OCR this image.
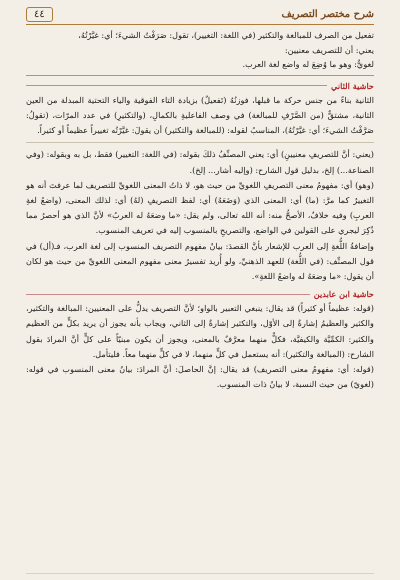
شرح مختصر التصريف
٤٤

تفعيل من الصرف للمبالغة والتكثير (في اللغة: التغيير)، تقول: صَرَفْتُ الشيءَ؛ أي: غيَّرْتُهُ،

يعني: أن للتصريف معنيين:

لغويٌّ: وهو ما وُضِعَ له واضع لغة العرب.

حاشية الثاني

الثانية بناءً من جنس حركة ما قبلها، فوزنُهُ (تَفعيلٌ) بزيادة التاء الفوقية والياء التحتية المبدلة من العين الثانية، مشتقٌّ (من الصَّرْفِ للمبالغة) في وصف الفاعليةِ بالكمالِ، (والتكثيرِ) في عدد المرّات، (تقولُ: صَرَّفْتُ الشيءَ؛ أي: غيَّرْتُهُ)، المناسبُ لقوله: (للمبالغة والتكثير) أن يقولَ: غيَّرْتُه تغييراً عظيماً أو كثيراً.

(يعني: أنَّ للتصريفِ معنيينِ) أي: يعني المصنِّفُ ذلكَ بقوله: (في اللغة: التغيير) فقط، بل به وبقوله: (وفي الصناعة...) إلخ، بدليل قول الشارح: (وإليه أشار... إلخ).

(وهو) أي: مفهومُ معنى التصريفِ اللغويِّ من حيث هو، لا ذاتُ المعنى اللغويِّ للتصريف لما عرفتَ أنه هو التغييرُ كما مرَّ: (ما) أي: المعنى الذي (وَضَعَهُ) أي: لفظ التصريفِ (لهُ) أي: لذلك المعنى، (واضعُ لغةِ العربِ) وفيه خلافٌ، الأصحُّ منه: أنه الله تعالى، ولم يقل: «ما وضعَهُ له العربُ» لأنَّ الذي هو أحصرُ مما ذُكِرَ ليجري على القولين في الواضع، والتصريحِ بالمنسوب إليه في تعريف المنسوب.

وإضافةُ اللُّغةِ إلى العرب للإشعار بأنَّ القصدَ: بيانُ مفهوم التصريف المنسوب إلى لغة العرب، فـ(أل) في قول المصنِّف: (في اللُّغة) للعهد الذهنيِّ، ولو أُريد تفسيرُ معنى مفهوم المعنى اللغويِّ من حيث هو لكان أن يقول: «ما وضعَهُ له واضعُ اللغةِ».

حاشية ابن عابدين

(قوله: عظيماً أو كثيراً) قد يقال: ينبغي التعبير بالواو؛ لأنَّ التصريف يدلُّ على المعنيين: المبالغة والتكثير، والكثير والعظيمُ إشارةٌ إلى الأوّل، والتكثير إشارةٌ إلى الثاني، ويجاب بأنه يجوز أن يريد بكلٍّ من العظيم والكثير: الكمِّيَّة والكيفيَّة، فكلٌّ منهما معرَّفٌ بالمعنى، ويجوز أن يكون مبنيّاً على كلٍّ أنَّ المرادَ بقول الشارح: (المبالغة والتكثير): أنه يستعمل في كلٍّ منهما، لا في كلٍّ منهما معاً. فليتأمل.

(قوله: أي: مفهومُ معنى التصريف) قد يقال: إنَّ الحاصلَ: أنَّ المرادَ: بيانُ معنى المنسوب في قوله: (لغويّ) من حيث النسبة، لا بيانُ ذات المنسوب.
